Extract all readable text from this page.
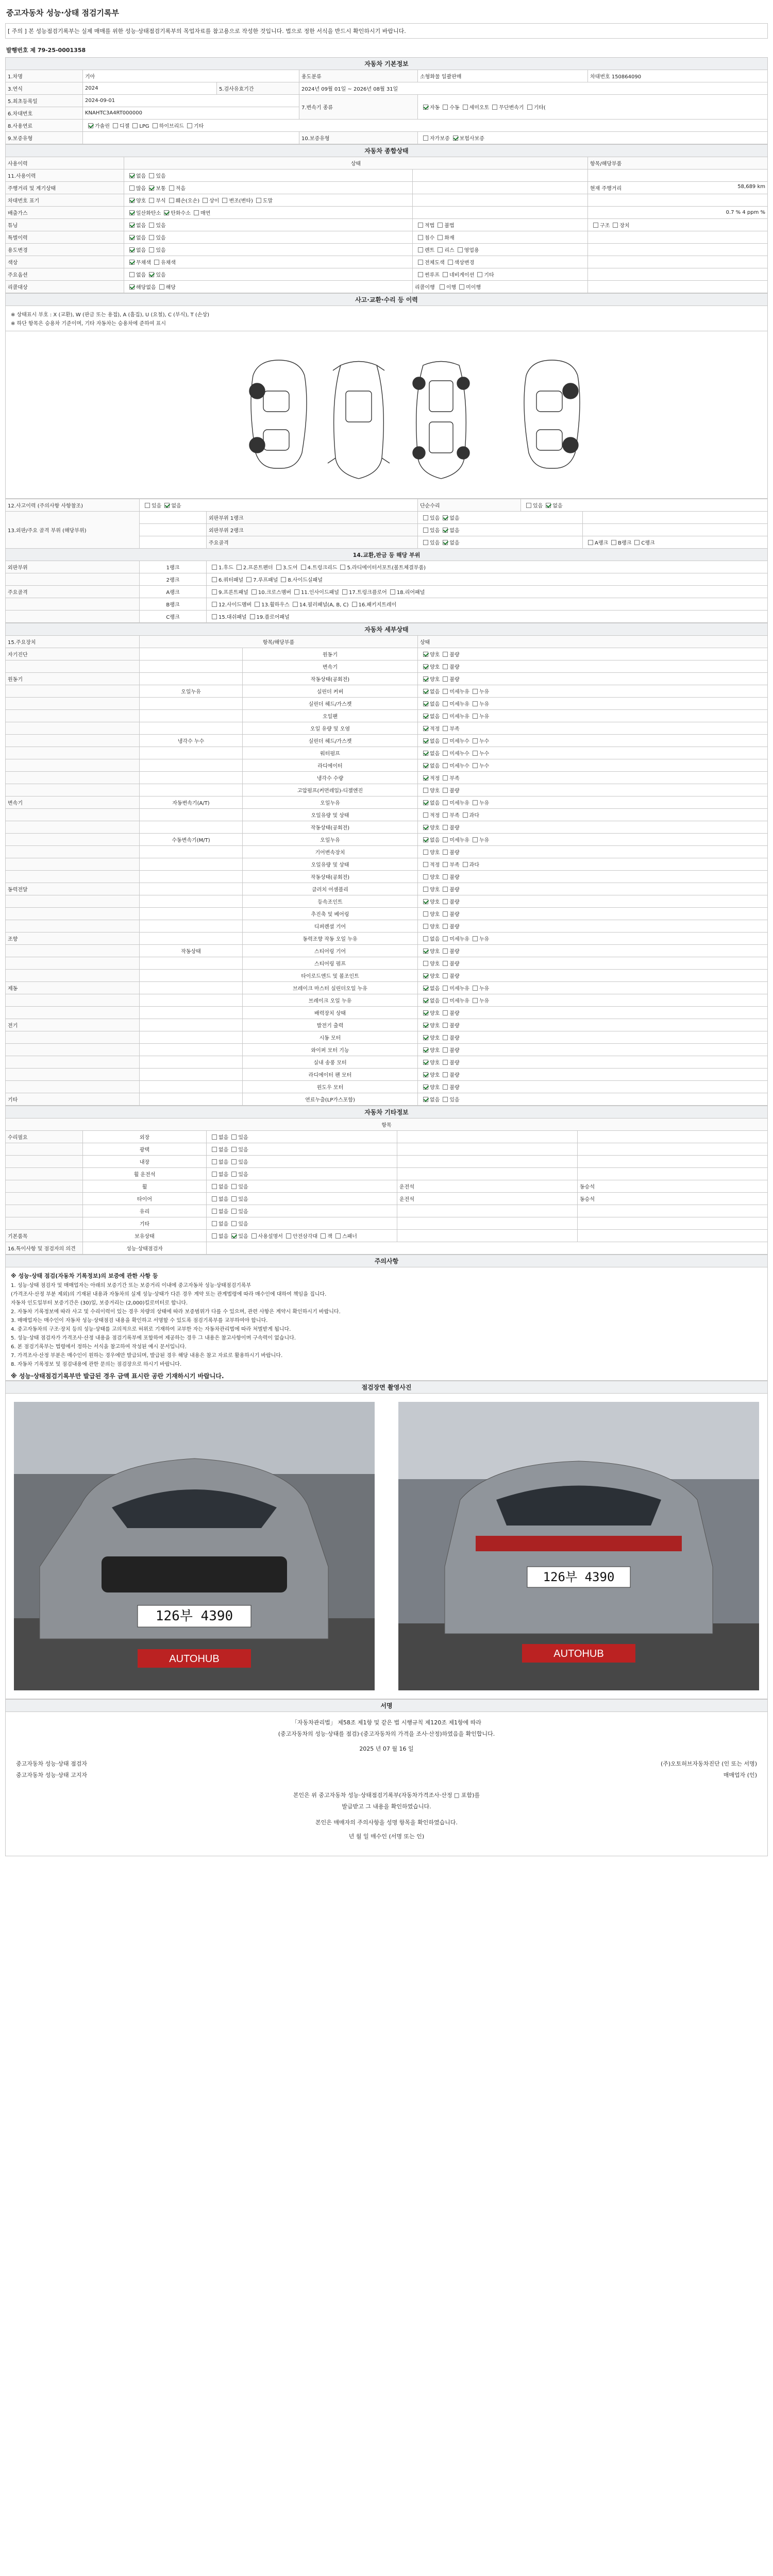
중고자동차 성능·상태 점검기록부
[ 주의 ] 본 성능점검기록부는 실제 매매를 위한 성능·상태점검기록부의 목업자료를 참고용으로 작성한 것입니다. 법으로 정한 서식을 반드시 확인하시기 바랍니다.
발행번호 제 79-25-0001358
자동차 기본정보					
1.차명	기아		용도분류	소형화물 일괄판매	차대번호 150864090
3.연식	2024	5.검사유효기간	2024년 09월 01일 ~ 2026년 08월 31일		
5.최초등록일	2024-09-01		7.변속기 종류	자동 수동 세미오토 무단변속기 기타(	
6.차대번호	KNAHTC3A4RT000000				
8.사용연료	가솔린 디젤 LPG 하이브리드 기타				
9.보증유형			10.보증유형	자가보증 보험사보증	
자동차 종합상태			
사용이력	상태		항목/해당부품
11.사용이력	없음 있음		

주행거리 및 계기상태	많음 보통 적음		현재 주행거리 58,689 km

차대번호 표기	양호 부식 훼손(오손) 상이 변조(변타) 도말		

배출가스	일산화탄소 탄화수소 매연		0.7 % 4 ppm %

튜닝	없음 있음	적법 불법	구조 장치
특별이력	없음 있음	침수 화재	
용도변경	없음 있음	렌트 리스 영업용	
색상	무채색 유채색	전체도색 색상변경	
주요옵션	없음 있음	썬루프 네비게이션 기타	
리콜대상	해당없음 해당	리콜이행 이행 미이행	
사고·교환·수리 등 이력

※ 상태표시 부호 : X (교환), W (판금 또는 용접), A (흠집), U (요철), C (부식), T (손상)

※ 하단 항목은 승용차 기준이며, 기타 자동차는 승용차에 준하여 표시

12.사고이력 (주의사항 사항참조)	있음 없음		단순수리	있음 없음	
13.외판/주요 골격 부위 (해당부위)		외판부위 1랭크	있음 없음		
		외판부위 2랭크	있음 없음		
		주요골격	있음 없음		A랭크 B랭크 C랭크
14.교환,판금 등 해당 부위					
외판부위	1랭크	1.후드 2.프론트펜더 3.도어 4.트렁크리드 5.라디에이터서포트(볼트체결부품)			
	2랭크	6.쿼터패널 7.루프패널 8.사이드실패널			
주요골격	A랭크	9.프론트패널 10.크로스멤버 11.인사이드패널 17.트렁크플로어 18.리어패널			
	B랭크	12.사이드멤버 13.휠하우스 14.필러패널(A, B, C) 16.패키지트레이			
	C랭크	15.대쉬패널 19.플로어패널			
자동차 세부상태			
15.주요장치	항목/해당부품		상태
자기진단		원동기	양호 불량
		변속기	양호 불량
원동기		작동상태(공회전)	양호 불량
	오일누유	실린더 커버	없음 미세누유 누유
		실린더 헤드/가스켓	없음 미세누유 누유
		오일팬	없음 미세누유 누유
		오일 유량 및 오염	적정 부족
	냉각수 누수	실린더 헤드/가스켓	없음 미세누수 누수
		워터펌프	없음 미세누수 누수
		라디에이터	없음 미세누수 누수
		냉각수 수량	적정 부족
		고압펌프(커먼레일)-디젤엔진	양호 불량
변속기	자동변속기(A/T)	오일누유	없음 미세누유 누유
		오일유량 및 상태	적정 부족 과다
		작동상태(공회전)	양호 불량
	수동변속기(M/T)	오일누유	없음 미세누유 누유
		기어변속장치	양호 불량
		오일유량 및 상태	적정 부족 과다
		작동상태(공회전)	양호 불량
동력전달		클러치 어셈블리	양호 불량
		등속조인트	양호 불량
		추진축 및 베어링	양호 불량
		디퍼렌셜 기어	양호 불량
조향		동력조향 작동 오일 누유	없음 미세누유 누유
	작동상태	스티어링 기어	양호 불량
		스티어링 펌프	양호 불량
		타이로드엔드 및 볼조인트	양호 불량
제동		브레이크 마스터 실린더오일 누유	없음 미세누유 누유
		브레이크 오일 누유	없음 미세누유 누유
		배력장치 상태	양호 불량
전기		발전기 출력	양호 불량
		시동 모터	양호 불량
		와이퍼 모터 기능	양호 불량
		실내 송풍 모터	양호 불량
		라디에이터 팬 모터	양호 불량
		윈도우 모터	양호 불량
기타		연료누출(LP가스포함)	없음 있음
자동차 기타정보				
항목				
수리필요	외장	없음 있음		
	광택	없음 있음		
	내장	없음 있음		
	휠 운전석	없음 있음		
	휠	없음 있음	운전석	동승석
	타이어	없음 있음	운전석	동승석
	유리	없음 있음		
	기타	없음 있음		
기본품목	보유상태	없음 있음 사용설명서 안전삼각대 잭 스패너		
16.특이사항 및 점검자의 의견	성능·상태점검자			
주의사항

※ 성능·상태 점검(자동차 기록정보)의 보증에 관한 사항 등

1. 성능·상태 점검자 및 매매업자는 아래의 보증기간 또는 보증거리 이내에 중고자동차 성능·상태점검기록부

(가격조사·산정 부분 제외)의 기재된 내용과 자동차의 실제 성능·상태가 다른 경우 계약 또는 관계법령에 따라 매수인에 대하여 책임을 집니다.

자동차 인도일부터 보증기간은 (30)일, 보증거리는 (2,000)킬로미터로 합니다.

2. 자동차 기록정보에 따라 사고 및 수리이력이 있는 경우 차량의 상태에 따라 보증범위가 다를 수 있으며, 관련 사항은 계약시 확인하시기 바랍니다.

3. 매매업자는 매수인이 자동차 성능·상태점검 내용을 확인하고 서명할 수 있도록 점검기록부를 교부하여야 합니다.

4. 중고자동차의 구조·장치 등의 성능·상태를 고의적으로 허위로 기재하여 교부한 자는 자동차관리법에 따라 처벌받게 됩니다.

5. 성능·상태 점검자가 가격조사·산정 내용을 점검기록부에 포함하여 제공하는 경우 그 내용은 참고사항이며 구속력이 없습니다.

6. 본 점검기록부는 법령에서 정하는 서식을 참고하여 작성된 예시 문서입니다.

7. 가격조사·산정 부분은 매수인이 원하는 경우에만 발급되며, 발급된 경우 해당 내용은 참고 자료로 활용하시기 바랍니다.

8. 자동차 기록정보 및 점검내용에 관한 문의는 점검장으로 하시기 바랍니다.

※ 성능·상태점검기록부만 발급된 경우 금액 표시란 공란 기재하시기 바랍니다.

점검장면 촬영사진
126부 4390
AUTOHUB
126부 4390
AUTOHUB
서명
「자동차관리법」 제58조 제1항 및 같은 법 시행규칙 제120조 제1항에 따라
(중고자동차의 성능·상태를 점검)·(중고자동차의 가격을 조사·산정)하였음을 확인합니다.
2025 년 07 월 16 일
중고자동차 성능·상태 점검자	(주)오토허브자동차진단 (인 또는 서명)
중고자동차 성능·상태 고지자	매매업자 (인)
본인은 위 중고자동차 성능·상태점검기록부(자동차가격조사·산정 □ 포함)를
발급받고 그 내용을 확인하였습니다.
본인은 매매자의 주의사항을 성명 항목을 확인하였습니다.
년 월 일 매수인 (서명 또는 인)
